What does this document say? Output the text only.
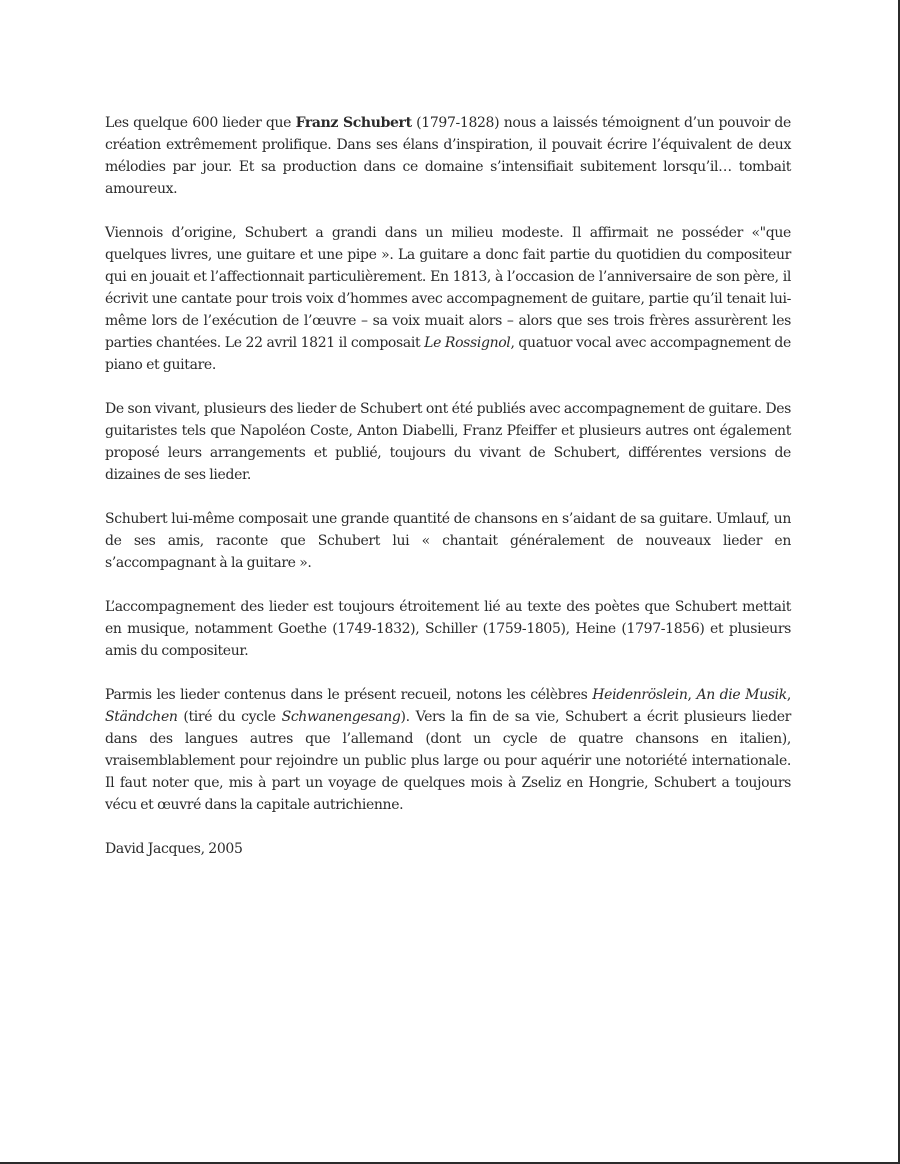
Les quelque 600 lieder que Franz Schubert (1797-1828) nous a laissés témoignent d’un pouvoir de création extrêmement prolifique. Dans ses élans d’inspiration, il pouvait écrire l’équivalent de deux mélodies par jour. Et sa production dans ce domaine s’intensifiait subitement lorsqu’il… tombait amoureux.

Viennois d’origine, Schubert a grandi dans un milieu modeste. Il affirmait ne posséder «"que quelques livres, une guitare et une pipe ». La guitare a donc fait partie du quotidien du compositeur qui en jouait et l’affectionnait particulièrement. En 1813, à l’occasion de l’anniversaire de son père, il écrivit une cantate pour trois voix d’hommes avec accompagnement de guitare, partie qu’il tenait lui-même lors de l’exécution de l’œuvre – sa voix muait alors – alors que ses trois frères assurèrent les parties chantées. Le 22 avril 1821 il composait Le Rossignol, quatuor vocal avec accompagnement de piano et guitare.

De son vivant, plusieurs des lieder de Schubert ont été publiés avec accompagnement de guitare. Des guitaristes tels que Napoléon Coste, Anton Diabelli, Franz Pfeiffer et plusieurs autres ont également proposé leurs arrangements et publié, toujours du vivant de Schubert, différentes versions de dizaines de ses lieder.

Schubert lui-même composait une grande quantité de chansons en s’aidant de sa guitare. Umlauf, un de ses amis, raconte que Schubert lui « chantait généralement de nouveaux lieder en s’accompagnant à la guitare ».

L’accompagnement des lieder est toujours étroitement lié au texte des poètes que Schubert mettait en musique, notamment Goethe (1749-1832), Schiller (1759-1805), Heine (1797-1856) et plusieurs amis du compositeur.

Parmis les lieder contenus dans le présent recueil, notons les célèbres Heidenröslein, An die Musik, Ständchen (tiré du cycle Schwanengesang). Vers la fin de sa vie, Schubert a écrit plusieurs lieder dans des langues autres que l’allemand (dont un cycle de quatre chansons en italien), vraisemblablement pour rejoindre un public plus large ou pour aquérir une notoriété internationale. Il faut noter que, mis à part un voyage de quelques mois à Zseliz en Hongrie, Schubert a toujours vécu et œuvré dans la capitale autrichienne.

David Jacques, 2005
